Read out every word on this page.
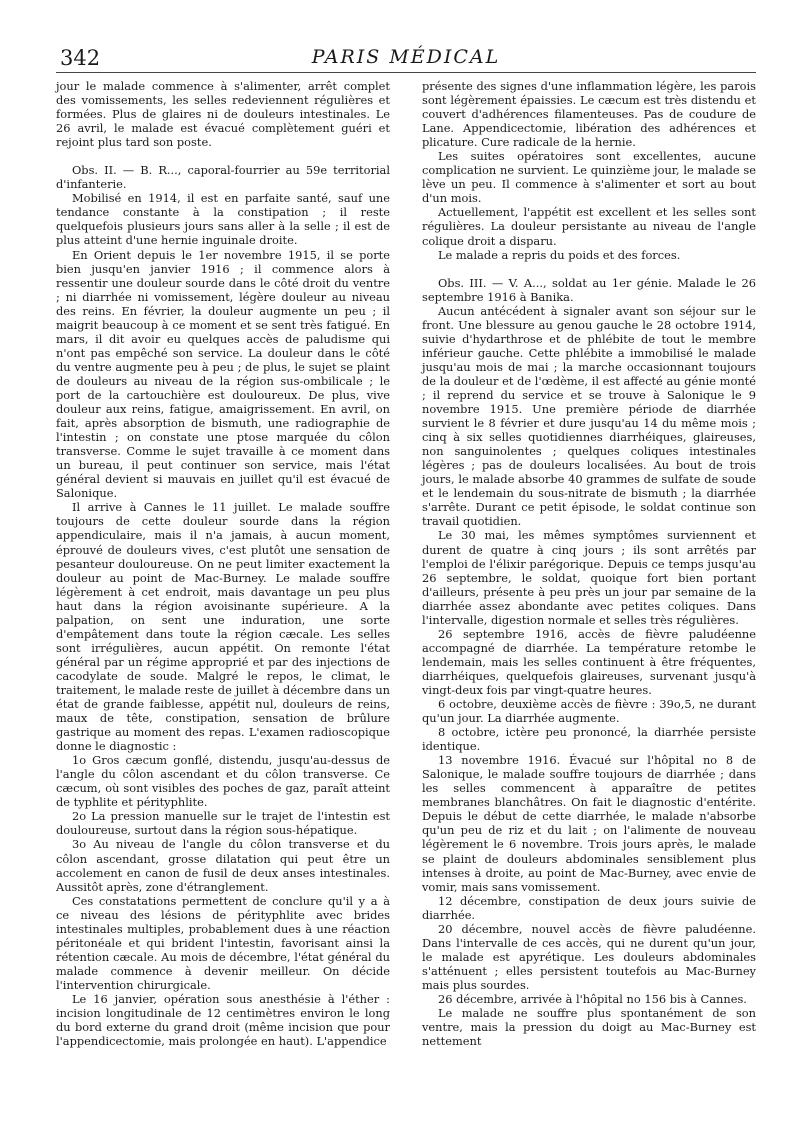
342	PARIS MÉDICAL

jour le malade commence à s'alimenter, arrêt complet des vomissements, les selles redeviennent régulières et formées. Plus de glaires ni de douleurs intestinales. Le 26 avril, le malade est évacué complètement guéri et rejoint plus tard son poste.

Obs. II. — B. R..., caporal-fourrier au 59e territorial d'infanterie.

Mobilisé en 1914, il est en parfaite santé, sauf une tendance constante à la constipation ; il reste quelquefois plusieurs jours sans aller à la selle ; il est de plus atteint d'une hernie inguinale droite.

En Orient depuis le 1er novembre 1915, il se porte bien jusqu'en janvier 1916 ; il commence alors à ressentir une douleur sourde dans le côté droit du ventre ; ni diarrhée ni vomissement, légère douleur au niveau des reins. En février, la douleur augmente un peu ; il maigrit beaucoup à ce moment et se sent très fatigué. En mars, il dit avoir eu quelques accès de paludisme qui n'ont pas empêché son service. La douleur dans le côté du ventre augmente peu à peu ; de plus, le sujet se plaint de douleurs au niveau de la région sus-ombilicale ; le port de la cartouchière est douloureux. De plus, vive douleur aux reins, fatigue, amaigrissement. En avril, on fait, après absorption de bismuth, une radiographie de l'intestin ; on constate une ptose marquée du côlon transverse. Comme le sujet travaille à ce moment dans un bureau, il peut continuer son service, mais l'état général devient si mauvais en juillet qu'il est évacué de Salonique.

Il arrive à Cannes le 11 juillet. Le malade souffre toujours de cette douleur sourde dans la région appendiculaire, mais il n'a jamais, à aucun moment, éprouvé de douleurs vives, c'est plutôt une sensation de pesanteur douloureuse. On ne peut limiter exactement la douleur au point de Mac-Burney. Le malade souffre légèrement à cet endroit, mais davantage un peu plus haut dans la région avoisinante supérieure. A la palpation, on sent une induration, une sorte d'empâtement dans toute la région cæcale. Les selles sont irrégulières, aucun appétit. On remonte l'état général par un régime approprié et par des injections de cacodylate de soude. Malgré le repos, le climat, le traitement, le malade reste de juillet à décembre dans un état de grande faiblesse, appétit nul, douleurs de reins, maux de tête, constipation, sensation de brûlure gastrique au moment des repas. L'examen radioscopique donne le diagnostic :

1o Gros cæcum gonflé, distendu, jusqu'au-dessus de l'angle du côlon ascendant et du côlon transverse. Ce cæcum, où sont visibles des poches de gaz, paraît atteint de typhlite et pérityphlite.

2o La pression manuelle sur le trajet de l'intestin est douloureuse, surtout dans la région sous-hépatique.

3o Au niveau de l'angle du côlon transverse et du côlon ascendant, grosse dilatation qui peut être un accolement en canon de fusil de deux anses intestinales. Aussitôt après, zone d'étranglement.

Ces constatations permettent de conclure qu'il y a à ce niveau des lésions de pérityphlite avec brides intestinales multiples, probablement dues à une réaction péritonéale et qui brident l'intestin, favorisant ainsi la rétention cæcale. Au mois de décembre, l'état général du malade commence à devenir meilleur. On décide l'intervention chirurgicale.

Le 16 janvier, opération sous anesthésie à l'éther : incision longitudinale de 12 centimètres environ le long du bord externe du grand droit (même incision que pour l'appendicectomie, mais prolongée en haut). L'appendice

présente des signes d'une inflammation légère, les parois sont légèrement épaissies. Le cæcum est très distendu et couvert d'adhérences filamenteuses. Pas de coudure de Lane. Appendicectomie, libération des adhérences et plicature. Cure radicale de la hernie.

Les suites opératoires sont excellentes, aucune complication ne survient. Le quinzième jour, le malade se lève un peu. Il commence à s'alimenter et sort au bout d'un mois.

Actuellement, l'appétit est excellent et les selles sont régulières. La douleur persistante au niveau de l'angle colique droit a disparu.

Le malade a repris du poids et des forces.

Obs. III. — V. A..., soldat au 1er génie. Malade le 26 septembre 1916 à Banika.

Aucun antécédent à signaler avant son séjour sur le front. Une blessure au genou gauche le 28 octobre 1914, suivie d'hydarthrose et de phlébite de tout le membre inférieur gauche. Cette phlébite a immobilisé le malade jusqu'au mois de mai ; la marche occasionnant toujours de la douleur et de l'œdème, il est affecté au génie monté ; il reprend du service et se trouve à Salonique le 9 novembre 1915. Une première période de diarrhée survient le 8 février et dure jusqu'au 14 du même mois ; cinq à six selles quotidiennes diarrhéiques, glaireuses, non sanguinolentes ; quelques coliques intestinales légères ; pas de douleurs localisées. Au bout de trois jours, le malade absorbe 40 grammes de sulfate de soude et le lendemain du sous-nitrate de bismuth ; la diarrhée s'arrête. Durant ce petit épisode, le soldat continue son travail quotidien.

Le 30 mai, les mêmes symptômes surviennent et durent de quatre à cinq jours ; ils sont arrêtés par l'emploi de l'élixir parégorique. Depuis ce temps jusqu'au 26 septembre, le soldat, quoique fort bien portant d'ailleurs, présente à peu près un jour par semaine de la diarrhée assez abondante avec petites coliques. Dans l'intervalle, digestion normale et selles très régulières.

26 septembre 1916, accès de fièvre paludéenne accompagné de diarrhée. La température retombe le lendemain, mais les selles continuent à être fréquentes, diarrhéiques, quelquefois glaireuses, survenant jusqu'à vingt-deux fois par vingt-quatre heures.

6 octobre, deuxième accès de fièvre : 39o,5, ne durant qu'un jour. La diarrhée augmente.

8 octobre, ictère peu prononcé, la diarrhée persiste identique.

13 novembre 1916. Évacué sur l'hôpital no 8 de Salonique, le malade souffre toujours de diarrhée ; dans les selles commencent à apparaître de petites membranes blanchâtres. On fait le diagnostic d'entérite. Depuis le début de cette diarrhée, le malade n'absorbe qu'un peu de riz et du lait ; on l'alimente de nouveau légèrement le 6 novembre. Trois jours après, le malade se plaint de douleurs abdominales sensiblement plus intenses à droite, au point de Mac-Burney, avec envie de vomir, mais sans vomissement.

12 décembre, constipation de deux jours suivie de diarrhée.

20 décembre, nouvel accès de fièvre paludéenne. Dans l'intervalle de ces accès, qui ne durent qu'un jour, le malade est apyrétique. Les douleurs abdominales s'atténuent ; elles persistent toutefois au Mac-Burney mais plus sourdes.

26 décembre, arrivée à l'hôpital no 156 bis à Cannes.

Le malade ne souffre plus spontanément de son ventre, mais la pression du doigt au Mac-Burney est nettement
